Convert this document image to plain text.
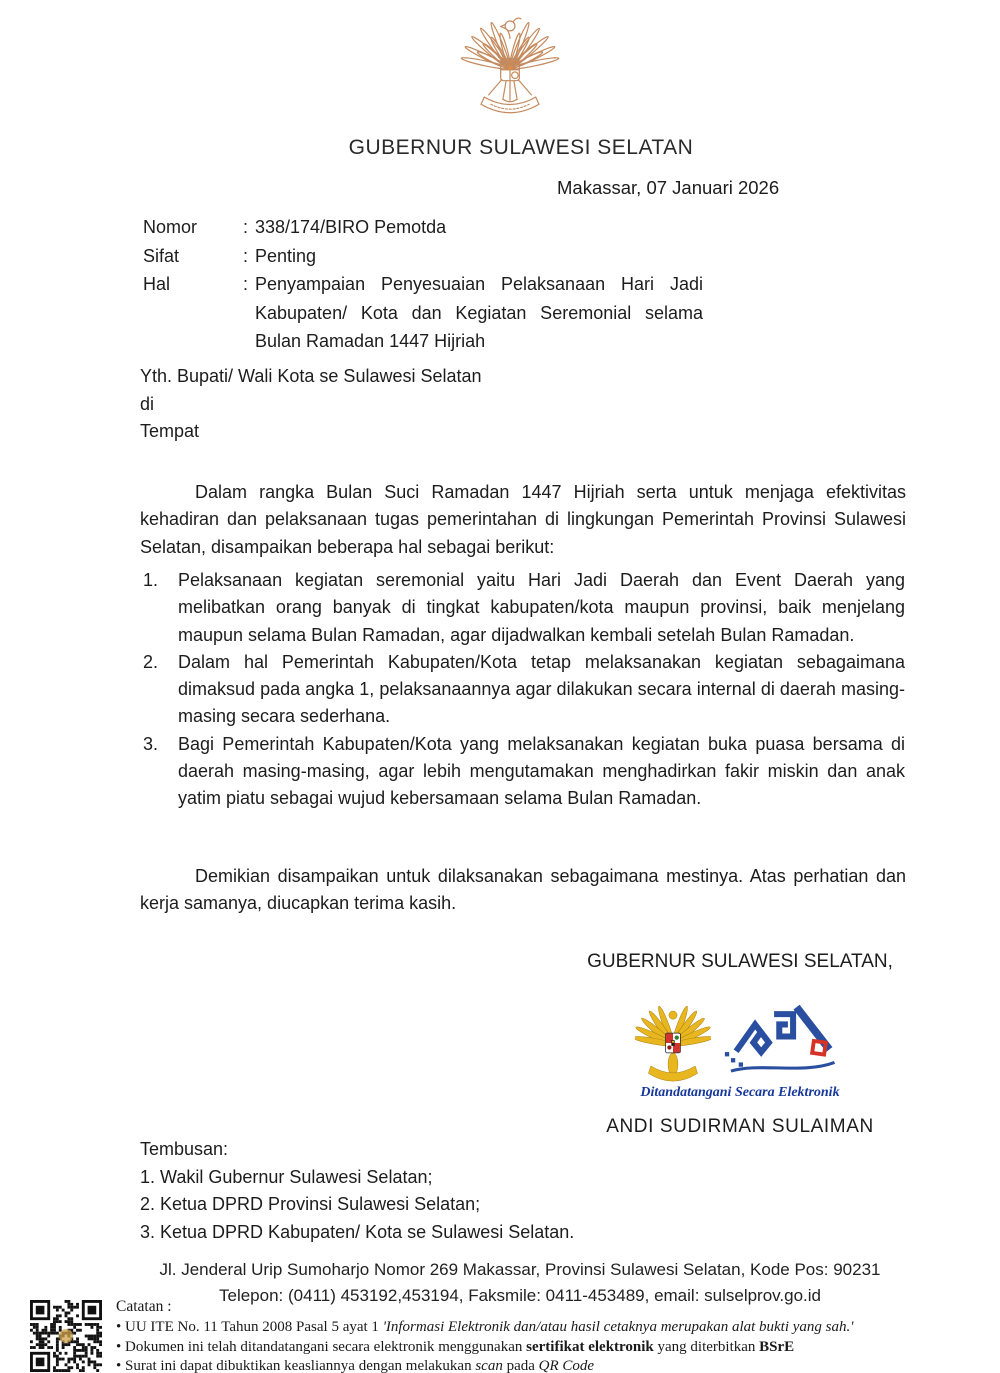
GUBERNUR SULAWESI SELATAN
Makassar, 07 Januari 2026
Nomor	: 338/174/BIRO Pemotda
Sifat	: Penting
Hal	: Penyampaian Penyesuaian Pelaksanaan Hari Jadi Kabupaten/ Kota dan Kegiatan Seremonial selama Bulan Ramadan 1447 Hijriah
Yth. Bupati/ Wali Kota se Sulawesi Selatan
di
Tempat

Dalam rangka Bulan Suci Ramadan 1447 Hijriah serta untuk menjaga efektivitas kehadiran dan pelaksanaan tugas pemerintahan di lingkungan Pemerintah Provinsi Sulawesi Selatan, disampaikan beberapa hal sebagai berikut:

1.	Pelaksanaan kegiatan seremonial yaitu Hari Jadi Daerah dan Event Daerah yang melibatkan orang banyak di tingkat kabupaten/kota maupun provinsi, baik menjelang maupun selama Bulan Ramadan, agar dijadwalkan kembali setelah Bulan Ramadan.
2.	Dalam hal Pemerintah Kabupaten/Kota tetap melaksanakan kegiatan sebagaimana dimaksud pada angka 1, pelaksanaannya agar dilakukan secara internal di daerah masing-masing secara sederhana.
3.	Bagi Pemerintah Kabupaten/Kota yang melaksanakan kegiatan buka puasa bersama di daerah masing-masing, agar lebih mengutamakan menghadirkan fakir miskin dan anak yatim piatu sebagai wujud kebersamaan selama Bulan Ramadan.

Demikian disampaikan untuk dilaksanakan sebagaimana mestinya. Atas perhatian dan kerja samanya, diucapkan terima kasih.

GUBERNUR SULAWESI SELATAN,
Ditandatangani Secara Elektronik
ANDI SUDIRMAN SULAIMAN
Tembusan:
1. Wakil Gubernur Sulawesi Selatan;
2. Ketua DPRD Provinsi Sulawesi Selatan;
3. Ketua DPRD Kabupaten/ Kota se Sulawesi Selatan.
Jl. Jenderal Urip Sumoharjo Nomor 269 Makassar, Provinsi Sulawesi Selatan, Kode Pos: 90231
Telepon: (0411) 453192,453194, Faksmile: 0411-453489, email: sulselprov.go.id
Catatan :
• UU ITE No. 11 Tahun 2008 Pasal 5 ayat 1 'Informasi Elektronik dan/atau hasil cetaknya merupakan alat bukti yang sah.'
• Dokumen ini telah ditandatangani secara elektronik menggunakan sertifikat elektronik yang diterbitkan BSrE
• Surat ini dapat dibuktikan keasliannya dengan melakukan scan pada QR Code
